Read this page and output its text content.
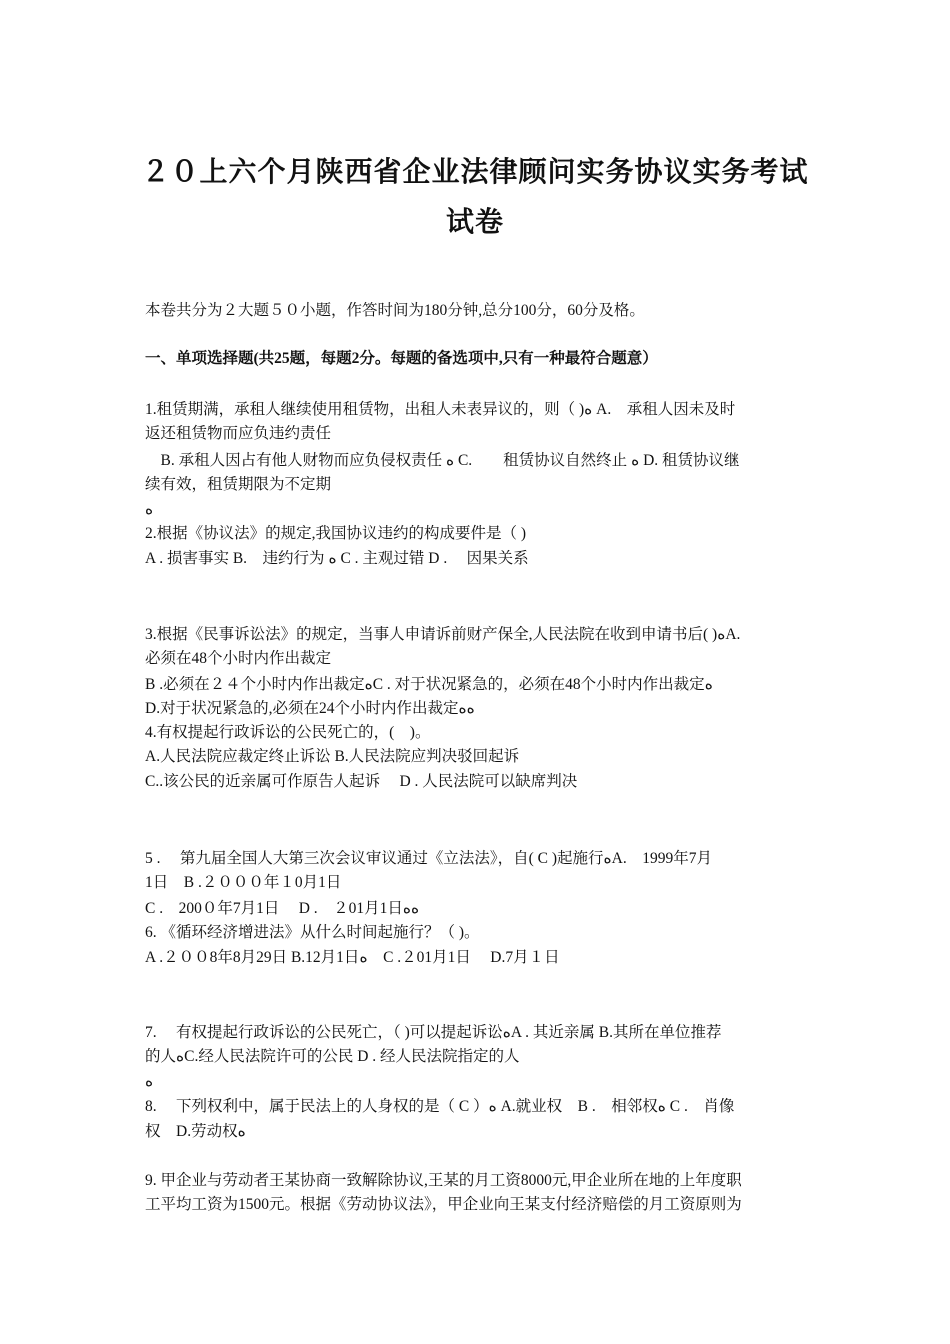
２０上六个月陕西省企业法律顾问实务协议实务考试
试卷
本卷共分为２大题５０小题，作答时间为180分钟,总分100分，60分及格。
一、单项选择题(共25题，每题2分。每题的备选项中,只有一种最符合题意）
1.租赁期满，承租人继续使用租赁物，出租人未表异议的，则（ )ﻩ A.　承租人因未及时
返还租赁物而应负违约责任
　B. 承租人因占有他人财物而应负侵权责任 ﻩ C.　　租赁协议自然终止 ﻩ D. 租赁协议继
续有效，租赁期限为不定期
ﻩ
2.根据《协议法》的规定,我国协议违约的构成要件是（ )
A . 损害事实 B.　违约行为 ﻩ C . 主观过错 D .　 因果关系
3.根据《民事诉讼法》的规定，当事人申请诉前财产保全,人民法院在收到申请书后( )ﻩA.
必须在48个小时内作出裁定
B .必须在２４个小时内作出裁定ﻩC . 对于状况紧急的，必须在48个小时内作出裁定ﻩ
D.对于状况紧急的,必须在24个小时内作出裁定ﻩﻩ
4.有权提起行政诉讼的公民死亡的，(　)。
A.人民法院应裁定终止诉讼 B.人民法院应判决驳回起诉
C..该公民的近亲属可作原告人起诉　 D . 人民法院可以缺席判决
5 .　 第九届全国人大第三次会议审议通过《立法法》，自( C )起施行ﻩA.　1999年7月
1日　B .２０００年１0月1日
C .　200０年7月1日　 D .　２01月1日ﻩﻩ
6. 《循环经济增进法》从什么时间起施行？（ )。
A .２００8年8月29日 B.12月1日ﻩ　C .２01月1日　 D.7月１日
7.　 有权提起行政诉讼的公民死亡，（ )可以提起诉讼ﻩA . 其近亲属 B.其所在单位推荐
的人ﻩC.经人民法院许可的公民 D . 经人民法院指定的人
ﻩ
8.　 下列权利中，属于民法上的人身权的是（ C ）ﻩ A.就业权　B .　相邻权ﻩ C .　肖像
权　D.劳动权ﻩ
9. 甲企业与劳动者王某协商一致解除协议,王某的月工资8000元,甲企业所在地的上年度职
工平均工资为1500元。根据《劳动协议法》，甲企业向王某支付经济赔偿的月工资原则为
